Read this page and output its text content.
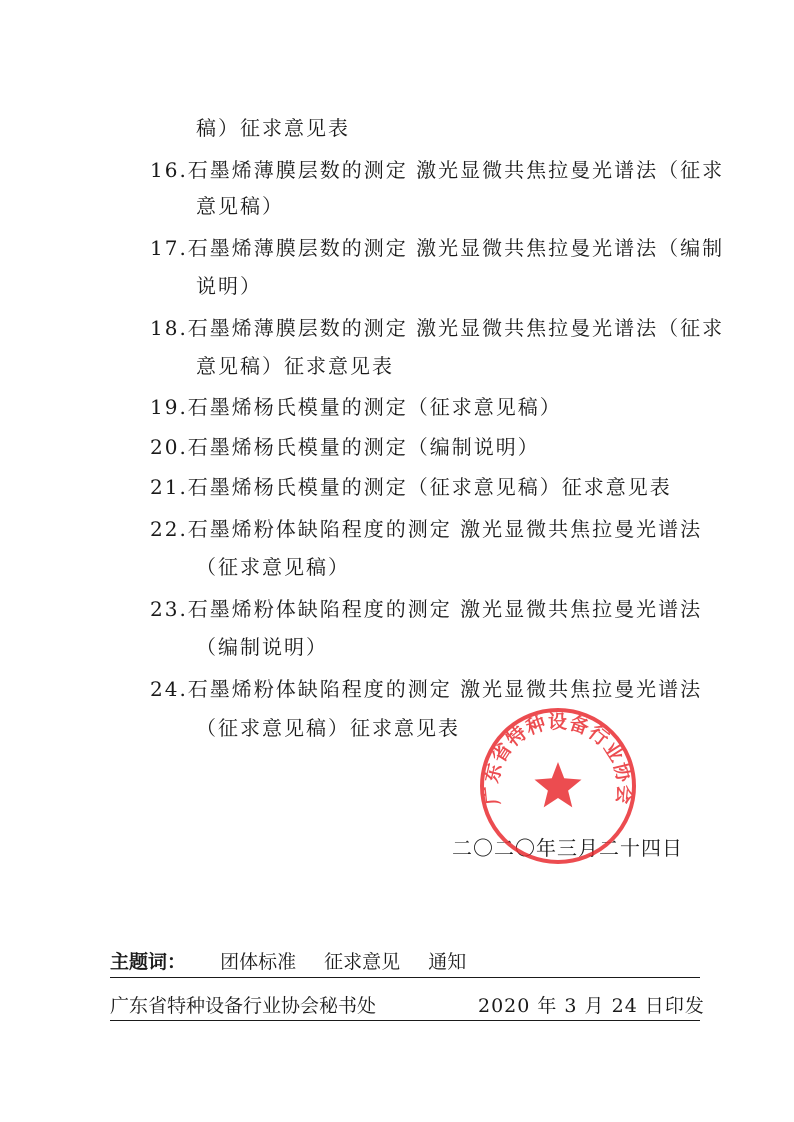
稿）征求意见表
16.石墨烯薄膜层数的测定 激光显微共焦拉曼光谱法（征求
意见稿）
17.石墨烯薄膜层数的测定 激光显微共焦拉曼光谱法（编制
说明）
18.石墨烯薄膜层数的测定 激光显微共焦拉曼光谱法（征求
意见稿）征求意见表
19.石墨烯杨氏模量的测定（征求意见稿）
20.石墨烯杨氏模量的测定（编制说明）
21.石墨烯杨氏模量的测定（征求意见稿）征求意见表
22.石墨烯粉体缺陷程度的测定 激光显微共焦拉曼光谱法
（征求意见稿）
23.石墨烯粉体缺陷程度的测定 激光显微共焦拉曼光谱法
（编制说明）
24.石墨烯粉体缺陷程度的测定 激光显微共焦拉曼光谱法
（征求意见稿）征求意见表
二〇二〇年三月二十四日
广东省特种设备行业协会
主题词： 团体标准 征求意见 通知
广东省特种设备行业协会秘书处	2020 年 3 月 24 日印发
